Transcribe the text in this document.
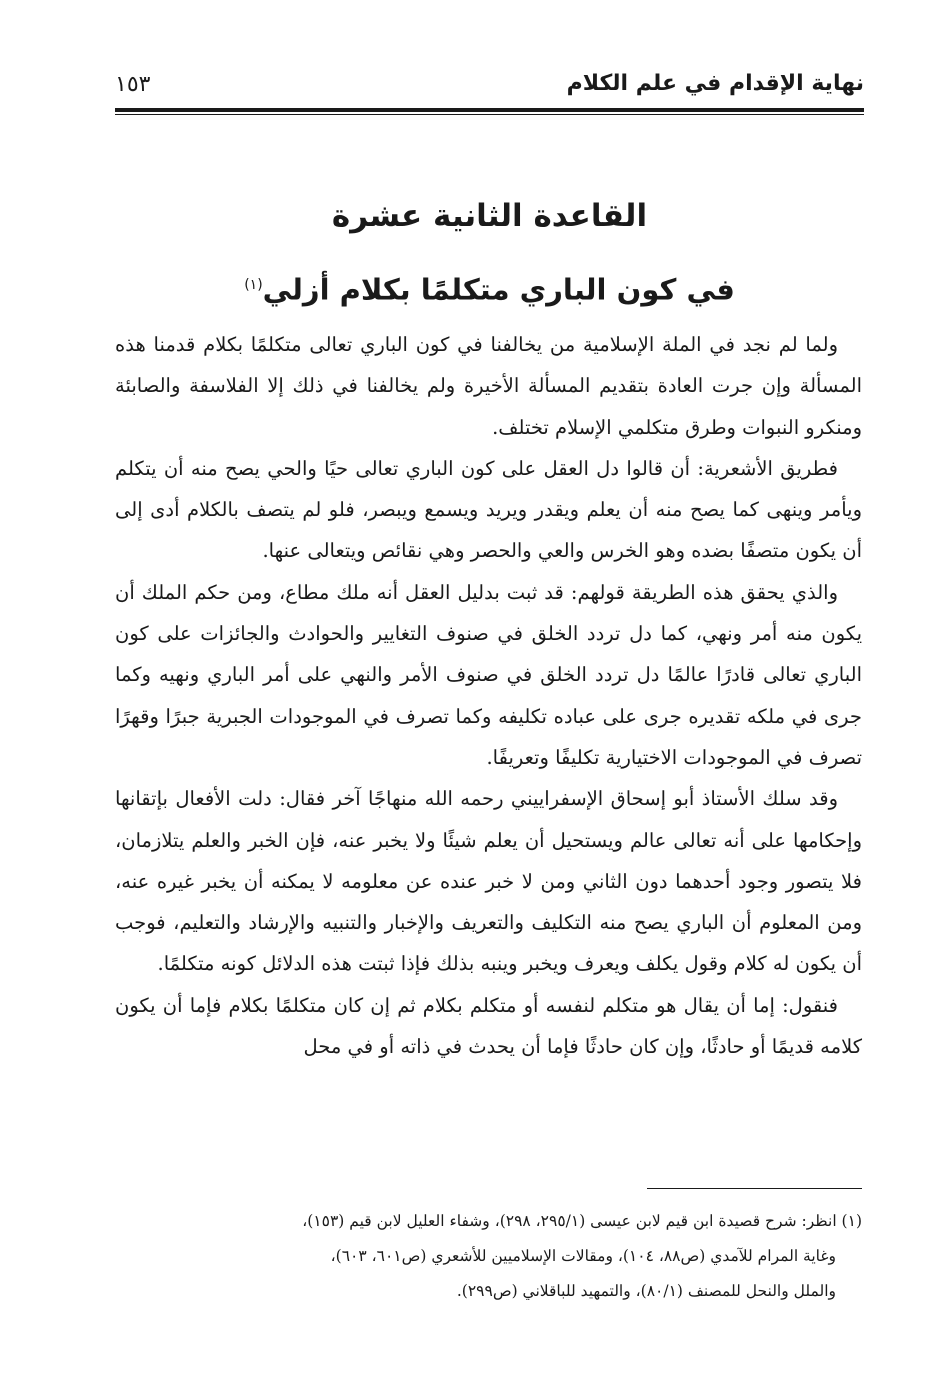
نهاية الإقدام في علم الكلام
١٥٣
القاعدة الثانية عشرة
في كون الباري متكلمًا بكلام أزلي$^{(١)}$

ولما لم نجد في الملة الإسلامية من يخالفنا في كون الباري تعالى متكلمًا بكلام قدمنا هذه المسألة وإن جرت العادة بتقديم المسألة الأخيرة ولم يخالفنا في ذلك إلا الفلاسفة والصابئة ومنكرو النبوات وطرق متكلمي الإسلام تختلف.

فطريق الأشعرية: أن قالوا دل العقل على كون الباري تعالى حيًا والحي يصح منه أن يتكلم ويأمر وينهى كما يصح منه أن يعلم ويقدر ويريد ويسمع ويبصر، فلو لم يتصف بالكلام أدى إلى أن يكون متصفًا بضده وهو الخرس والعي والحصر وهي نقائص ويتعالى عنها.

والذي يحقق هذه الطريقة قولهم: قد ثبت بدليل العقل أنه ملك مطاع، ومن حكم الملك أن يكون منه أمر ونهي، كما دل تردد الخلق في صنوف التغايير والحوادث والجائزات على كون الباري تعالى قادرًا عالمًا دل تردد الخلق في صنوف الأمر والنهي على أمر الباري ونهيه وكما جرى في ملكه تقديره جرى على عباده تكليفه وكما تصرف في الموجودات الجبرية جبرًا وقهرًا تصرف في الموجودات الاختيارية تكليفًا وتعريفًا.

وقد سلك الأستاذ أبو إسحاق الإسفراييني رحمه الله منهاجًا آخر فقال: دلت الأفعال بإتقانها وإحكامها على أنه تعالى عالم ويستحيل أن يعلم شيئًا ولا يخبر عنه، فإن الخبر والعلم يتلازمان، فلا يتصور وجود أحدهما دون الثاني ومن لا خبر عنده عن معلومه لا يمكنه أن يخبر غيره عنه، ومن المعلوم أن الباري يصح منه التكليف والتعريف والإخبار والتنبيه والإرشاد والتعليم، فوجب أن يكون له كلام وقول يكلف ويعرف ويخبر وينبه بذلك فإذا ثبتت هذه الدلائل كونه متكلمًا.

فنقول: إما أن يقال هو متكلم لنفسه أو متكلم بكلام ثم إن كان متكلمًا بكلام فإما أن يكون كلامه قديمًا أو حادثًا، وإن كان حادثًا فإما أن يحدث في ذاته أو في محل

(١) انظر: شرح قصيدة ابن قيم لابن عيسى (٢٩٥/١، ٢٩٨)، وشفاء العليل لابن قيم (١٥٣)،

وغاية المرام للآمدي (ص٨٨، ١٠٤)، ومقالات الإسلاميين للأشعري (ص٦٠١، ٦٠٣)،

والملل والنحل للمصنف (٨٠/١)، والتمهيد للباقلاني (ص٢٩٩).
